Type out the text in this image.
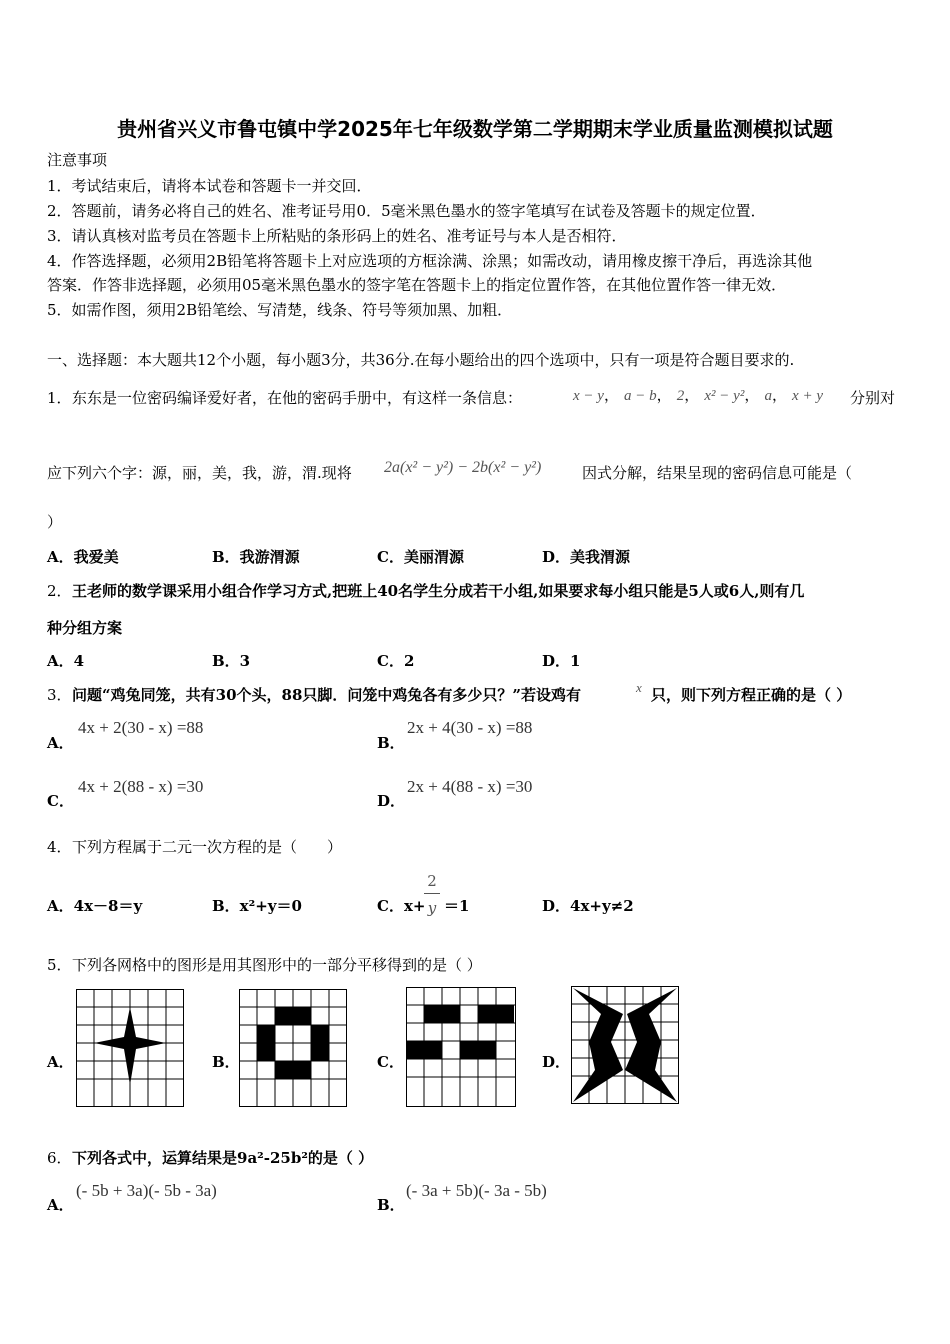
贵州省兴义市鲁屯镇中学2025年七年级数学第二学期期末学业质量监测模拟试题
注意事项
1．考试结束后，请将本试卷和答题卡一并交回．
2．答题前，请务必将自己的姓名、准考证号用0．5毫米黑色墨水的签字笔填写在试卷及答题卡的规定位置．
3．请认真核对监考员在答题卡上所粘贴的条形码上的姓名、准考证号与本人是否相符．
4．作答选择题，必须用2B铅笔将答题卡上对应选项的方框涂满、涂黑；如需改动，请用橡皮擦干净后，再选涂其他
答案．作答非选择题，必须用05毫米黑色墨水的签字笔在答题卡上的指定位置作答，在其他位置作答一律无效．
5．如需作图，须用2B铅笔绘、写清楚，线条、符号等须加黑、加粗．
一、选择题：本大题共12个小题，每小题3分，共36分.在每小题给出的四个选项中，只有一项是符合题目要求的.
1． 东东是一位密码编译爱好者，在他的密码手册中，有这样一条信息：	x − y， a − b， 2， x² − y²， a， x + y 分别对
应下列六个字：源，丽，美，我，游，渭.现将 2a(x² − y²) − 2b(x² − y²)	因式分解，结果呈现的密码信息可能是（
）
A．我爱美	B．我游渭源	C．美丽渭源	D．美我渭源
2． 王老师的数学课采用小组合作学习方式,把班上40名学生分成若干小组,如果要求每小组只能是5人或6人,则有几
种分组方案
A．4	B．3	C．2	D．1
3． 问题“鸡兔同笼，共有30个头，88只脚．问笼中鸡兔各有多少只？”若设鸡有	x 只，则下列方程正确的是（ ）
A．
4x + 2(30 - x) =88
B．
2x + 4(30 - x) =88
C．
4x + 2(88 - x) =30
D．
2x + 4(88 - x) =30
4． 下列方程属于二元一次方程的是（　　）
A．4x－8＝y	B．x²+y＝0	C．x+
2
y ＝1	D．4x+y≠2
5． 下列各网格中的图形是用其图形中的一部分平移得到的是（ ）
A．	B．	C．	D．
6． 下列各式中，运算结果是9a²-25b²的是（ ）
A．
(- 5b + 3a)(- 5b - 3a)
B．
(- 3a + 5b)(- 3a - 5b)
